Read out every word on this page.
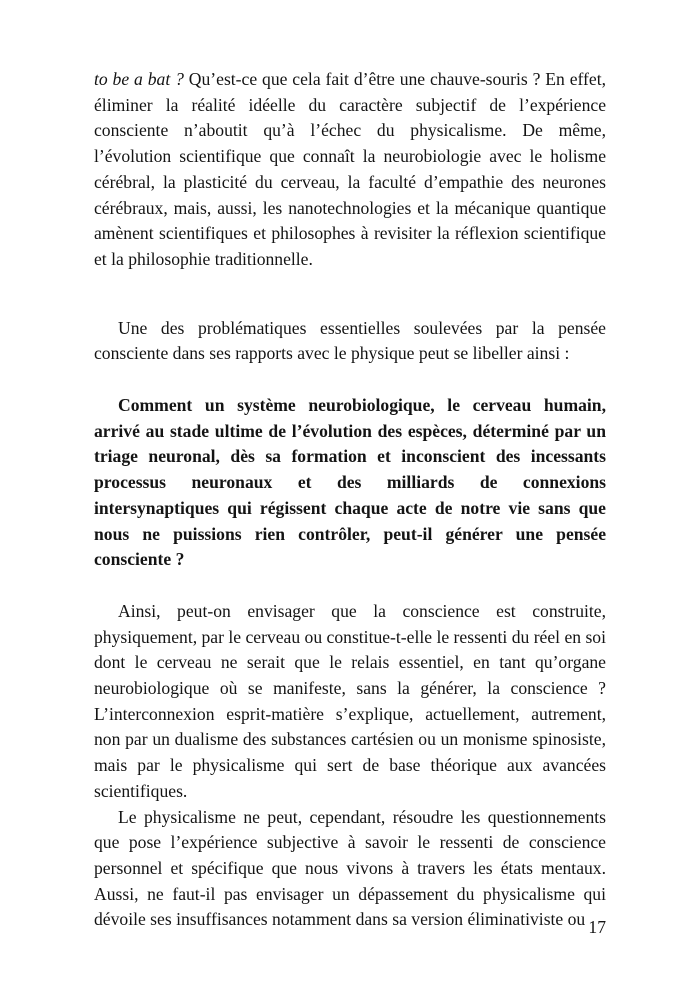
to be a bat ? Qu’est-ce que cela fait d’être une chauve-souris ? En effet, éliminer la réalité idéelle du caractère subjectif de l’expérience consciente n’aboutit qu’à l’échec du physicalisme. De même, l’évolution scientifique que connaît la neurobiologie avec le holisme cérébral, la plasticité du cerveau, la faculté d’empathie des neurones cérébraux, mais, aussi, les nanotechnologies et la mécanique quantique amènent scientifiques et philosophes à revisiter la réflexion scientifique et la philosophie traditionnelle.

Une des problématiques essentielles soulevées par la pensée consciente dans ses rapports avec le physique peut se libeller ainsi :

Comment un système neurobiologique, le cerveau humain, arrivé au stade ultime de l’évolution des espèces, déterminé par un triage neuronal, dès sa formation et inconscient des incessants processus neuronaux et des milliards de connexions intersynaptiques qui régissent chaque acte de notre vie sans que nous ne puissions rien contrôler, peut-il générer une pensée consciente ?

Ainsi, peut-on envisager que la conscience est construite, physiquement, par le cerveau ou constitue-t-elle le ressenti du réel en soi dont le cerveau ne serait que le relais essentiel, en tant qu’organe neurobiologique où se manifeste, sans la générer, la conscience ? L’interconnexion esprit-matière s’explique, actuellement, autrement, non par un dualisme des substances cartésien ou un monisme spinosiste, mais par le physicalisme qui sert de base théorique aux avancées scientifiques.

Le physicalisme ne peut, cependant, résoudre les questionnements que pose l’expérience subjective à savoir le ressenti de conscience personnel et spécifique que nous vivons à travers les états mentaux. Aussi, ne faut-il pas envisager un dépassement du physicalisme qui dévoile ses insuffisances notamment dans sa version éliminativiste ou 17
